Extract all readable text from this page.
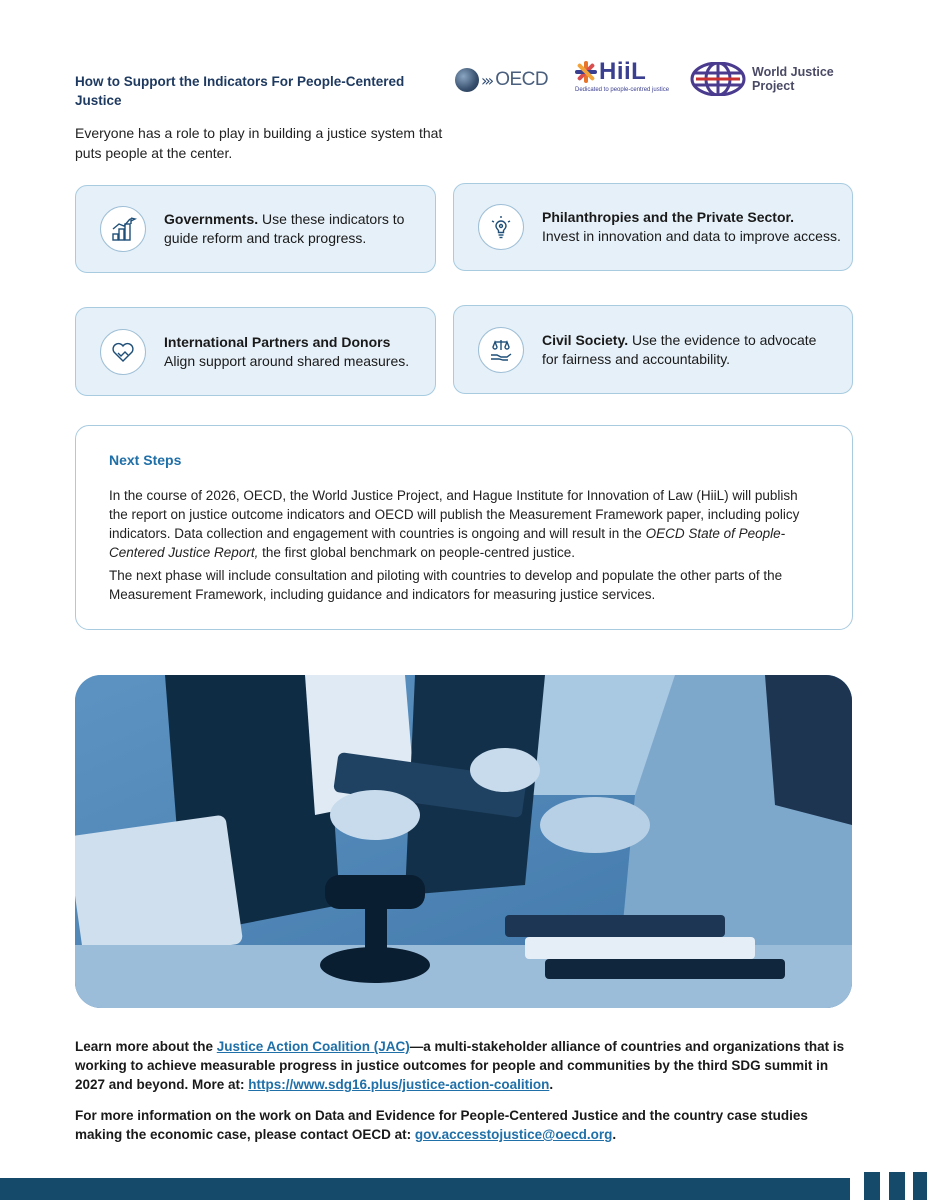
How to Support the Indicators For People-Centered Justice
Everyone has a role to play in building a justice system that puts people at the center.
››› OECD HiiL
Dedicated to people-centred justice
World Justice
Project
Governments. Use these indicators to guide reform and track progress.
Philanthropies and the Private Sector.
Invest in innovation and data to improve access.
International Partners and Donors
Align support around shared measures.
Civil Society. Use the evidence to advocate for fairness and accountability.
Next Steps
In the course of 2026, OECD, the World Justice Project, and Hague Institute for Innovation of Law (HiiL) will publish the report on justice outcome indicators and OECD will publish the Measurement Framework paper, including policy indicators. Data collection and engagement with countries is ongoing and will result in the OECD State of People-Centered Justice Report, the first global benchmark on people-centred justice.
The next phase will include consultation and piloting with countries to develop and populate the other parts of the Measurement Framework, including guidance and indicators for measuring justice services.
Learn more about the Justice Action Coalition (JAC)—a multi-stakeholder alliance of countries and organizations that is working to achieve measurable progress in justice outcomes for people and communities by the third SDG summit in 2027 and beyond. More at: https://www.sdg16.plus/justice-action-coalition.
For more information on the work on Data and Evidence for People-Centered Justice and the country case studies making the economic case, please contact OECD at: gov.accesstojustice@oecd.org.
